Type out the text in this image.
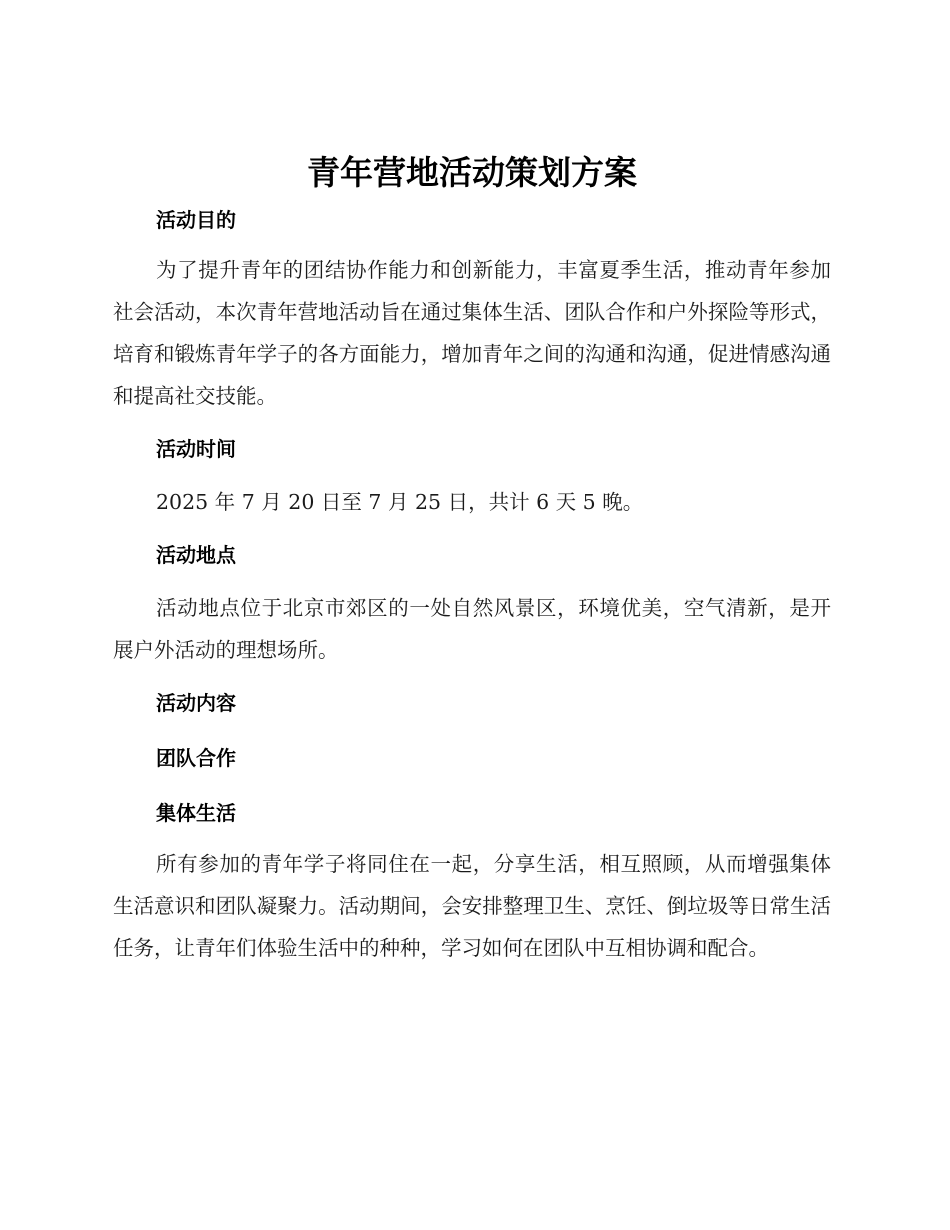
青年营地活动策划方案
活动目的

为了提升青年的团结协作能力和创新能力，丰富夏季生活，推动青年参加社会活动，本次青年营地活动旨在通过集体生活、团队合作和户外探险等形式，培育和锻炼青年学子的各方面能力，增加青年之间的沟通和沟通，促进情感沟通和提高社交技能。

活动时间

2025 年 7 月 20 日至 7 月 25 日，共计 6 天 5 晚。

活动地点

活动地点位于北京市郊区的一处自然风景区，环境优美，空气清新，是开展户外活动的理想场所。

活动内容
团队合作
集体生活

所有参加的青年学子将同住在一起，分享生活，相互照顾，从而增强集体生活意识和团队凝聚力。活动期间，会安排整理卫生、烹饪、倒垃圾等日常生活任务，让青年们体验生活中的种种，学习如何在团队中互相协调和配合。
